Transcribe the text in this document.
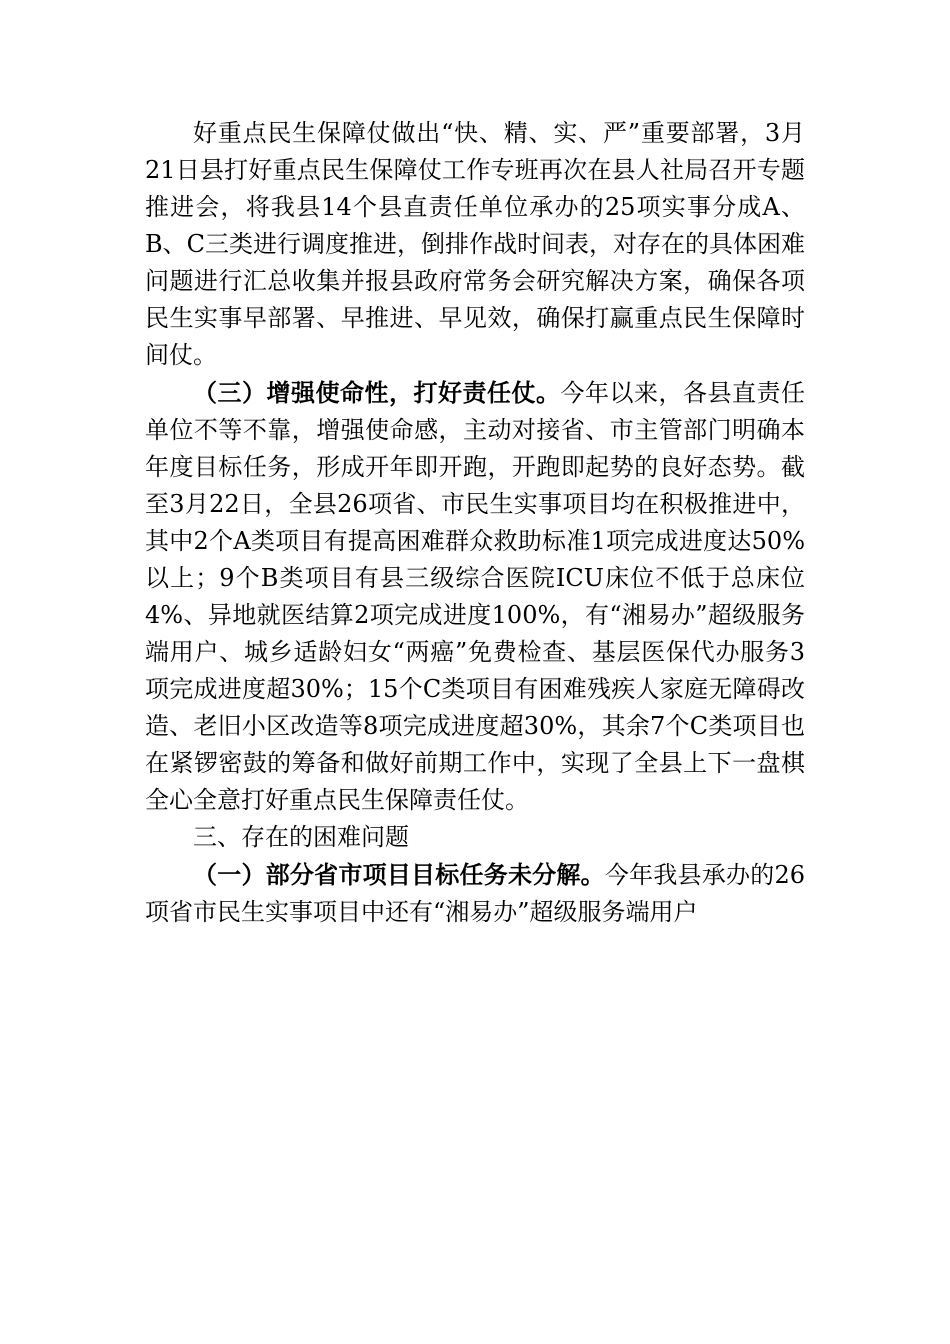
好重点民生保障仗做出“快、精、实、严”重要部署，3月21日县打好重点民生保障仗工作专班再次在县人社局召开专题推进会，将我县14个县直责任单位承办的25项实事分成A、B、C三类进行调度推进，倒排作战时间表，对存在的具体困难问题进行汇总收集并报县政府常务会研究解决方案，确保各项民生实事早部署、早推进、早见效，确保打赢重点民生保障时间仗。

（三）增强使命性，打好责任仗。今年以来，各县直责任单位不等不靠，增强使命感，主动对接省、市主管部门明确本年度目标任务，形成开年即开跑，开跑即起势的良好态势。截至3月22日，全县26项省、市民生实事项目均在积极推进中，其中2个A类项目有提高困难群众救助标准1项完成进度达50%以上；9个B类项目有县三级综合医院ICU床位不低于总床位4%、异地就医结算2项完成进度100%，有“湘易办”超级服务端用户、城乡适龄妇女“两癌”免费检查、基层医保代办服务3项完成进度超30%；15个C类项目有困难残疾人家庭无障碍改造、老旧小区改造等8项完成进度超30%，其余7个C类项目也在紧锣密鼓的筹备和做好前期工作中，实现了全县上下一盘棋全心全意打好重点民生保障责任仗。

三、存在的困难问题

（一）部分省市项目目标任务未分解。今年我县承办的26项省市民生实事项目中还有“湘易办”超级服务端用户
